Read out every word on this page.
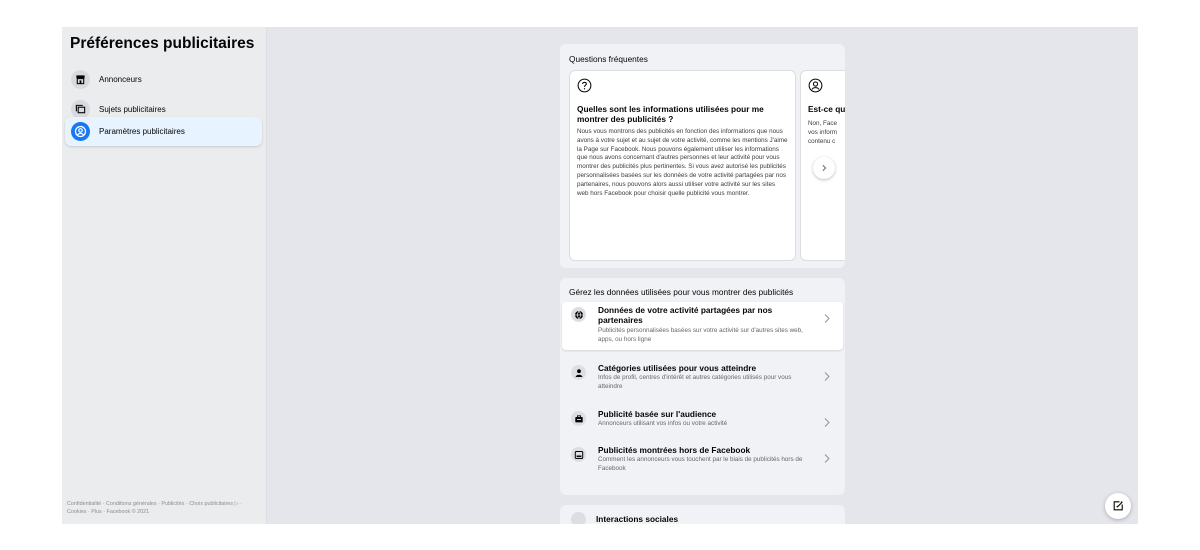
Préférences publicitaires
Annonceurs
Sujets publicitaires
Paramètres publicitaires
Confidentialité · Conditions générales · Publicités · Choix publicitaires ▷ · Cookies · Plus · Facebook © 2021
Questions fréquentes
Quelles sont les informations utilisées pour me montrer des publicités ?
Nous vous montrons des publicités en fonction des informations que nous avons à votre sujet et au sujet de votre activité, comme les mentions J'aime la Page sur Facebook. Nous pouvons également utiliser les informations que nous avons concernant d'autres personnes et leur activité pour vous montrer des publicités plus pertinentes. Si vous avez autorisé les publicités personnalisées basées sur les données de votre activité partagées par nos partenaires, nous pouvons alors aussi utiliser votre activité sur les sites web hors Facebook pour choisir quelle publicité vous montrer.
Est-ce qu
Non, Face
vos inform
contenu c
Gérez les données utilisées pour vous montrer des publicités
Données de votre activité partagées par nos partenaires
Publicités personnalisées basées sur votre activité sur d'autres sites web, apps, ou hors ligne
Catégories utilisées pour vous atteindre
Infos de profil, centres d'intérêt et autres catégories utilisés pour vous atteindre
Publicité basée sur l'audience
Annonceurs utilisant vos infos ou votre activité
Publicités montrées hors de Facebook
Comment les annonceurs vous touchent par le biais de publicités hors de Facebook
Interactions sociales
